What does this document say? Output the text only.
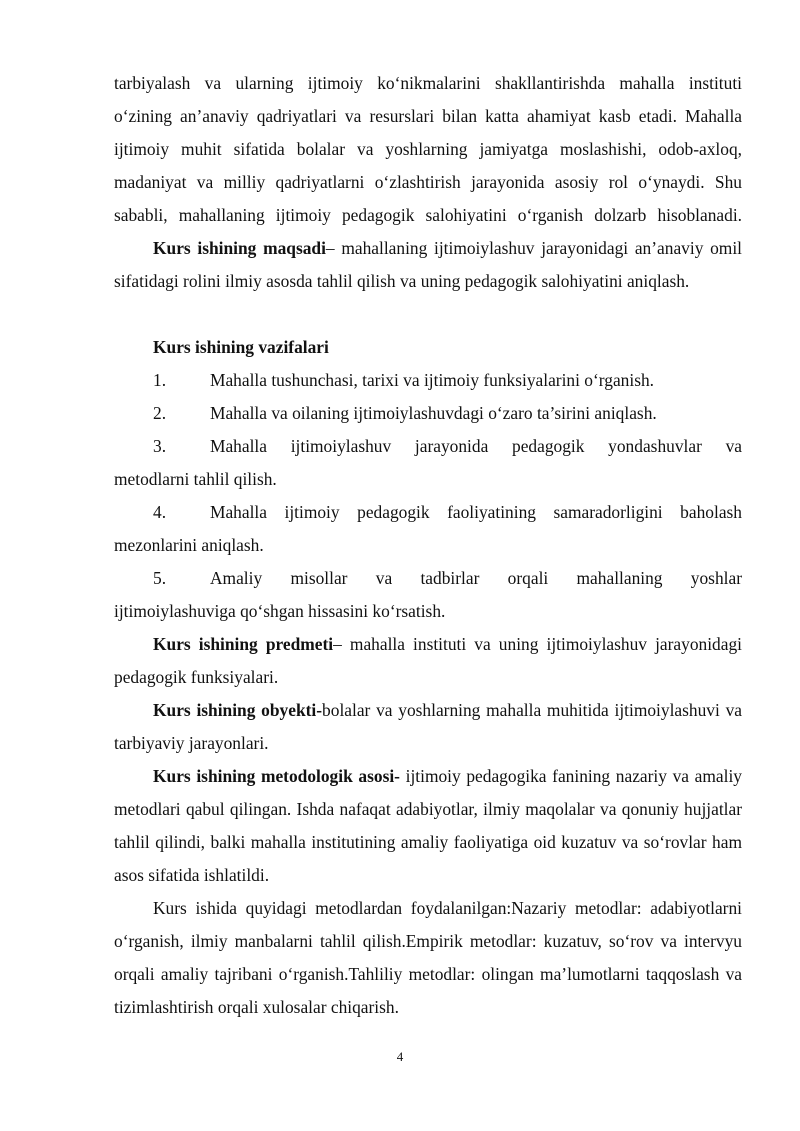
tarbiyalash va ularning ijtimoiy ko‘nikmalarini shakllantirishda mahalla instituti

o‘zining an’anaviy qadriyatlari va resurslari bilan katta ahamiyat kasb etadi. Mahalla

ijtimoiy muhit sifatida bolalar va yoshlarning jamiyatga moslashishi, odob-axloq,

madaniyat va milliy qadriyatlarni o‘zlashtirish jarayonida asosiy rol o‘ynaydi. Shu

sababli, mahallaning ijtimoiy pedagogik salohiyatini o‘rganish dolzarb hisoblanadi.

Kurs ishining maqsadi– mahallaning ijtimoiylashuv jarayonidagi an’anaviy omil sifatidagi rolini ilmiy asosda tahlil qilish va uning pedagogik salohiyatini aniqlash.

Kurs ishining vazifalari

1.	Mahalla tushunchasi, tarixi va ijtimoiy funksiyalarini o‘rganish.

2.	Mahalla va oilaning ijtimoiylashuvdagi o‘zaro ta’sirini aniqlash.

3.	Mahalla ijtimoiylashuv jarayonida pedagogik yondashuvlar va

metodlarni tahlil qilish.

4.	Mahalla ijtimoiy pedagogik faoliyatining samaradorligini baholash

mezonlarini aniqlash.

5.	Amaliy misollar va tadbirlar orqali mahallaning yoshlar

ijtimoiylashuviga qo‘shgan hissasini ko‘rsatish.

Kurs ishining predmeti– mahalla instituti va uning ijtimoiylashuv jarayonidagi pedagogik funksiyalari.

Kurs ishining obyekti-bolalar va yoshlarning mahalla muhitida ijtimoiylashuvi va tarbiyaviy jarayonlari.

Kurs ishining metodologik asosi- ijtimoiy pedagogika fanining nazariy va amaliy metodlari qabul qilingan. Ishda nafaqat adabiyotlar, ilmiy maqolalar va qonuniy hujjatlar tahlil qilindi, balki mahalla institutining amaliy faoliyatiga oid kuzatuv va so‘rovlar ham asos sifatida ishlatildi.

Kurs ishida quyidagi metodlardan foydalanilgan:Nazariy metodlar: adabiyotlarni o‘rganish, ilmiy manbalarni tahlil qilish.Empirik metodlar: kuzatuv, so‘rov va intervyu orqali amaliy tajribani o‘rganish.Tahliliy metodlar: olingan ma’lumotlarni taqqoslash va tizimlashtirish orqali xulosalar chiqarish.

4
